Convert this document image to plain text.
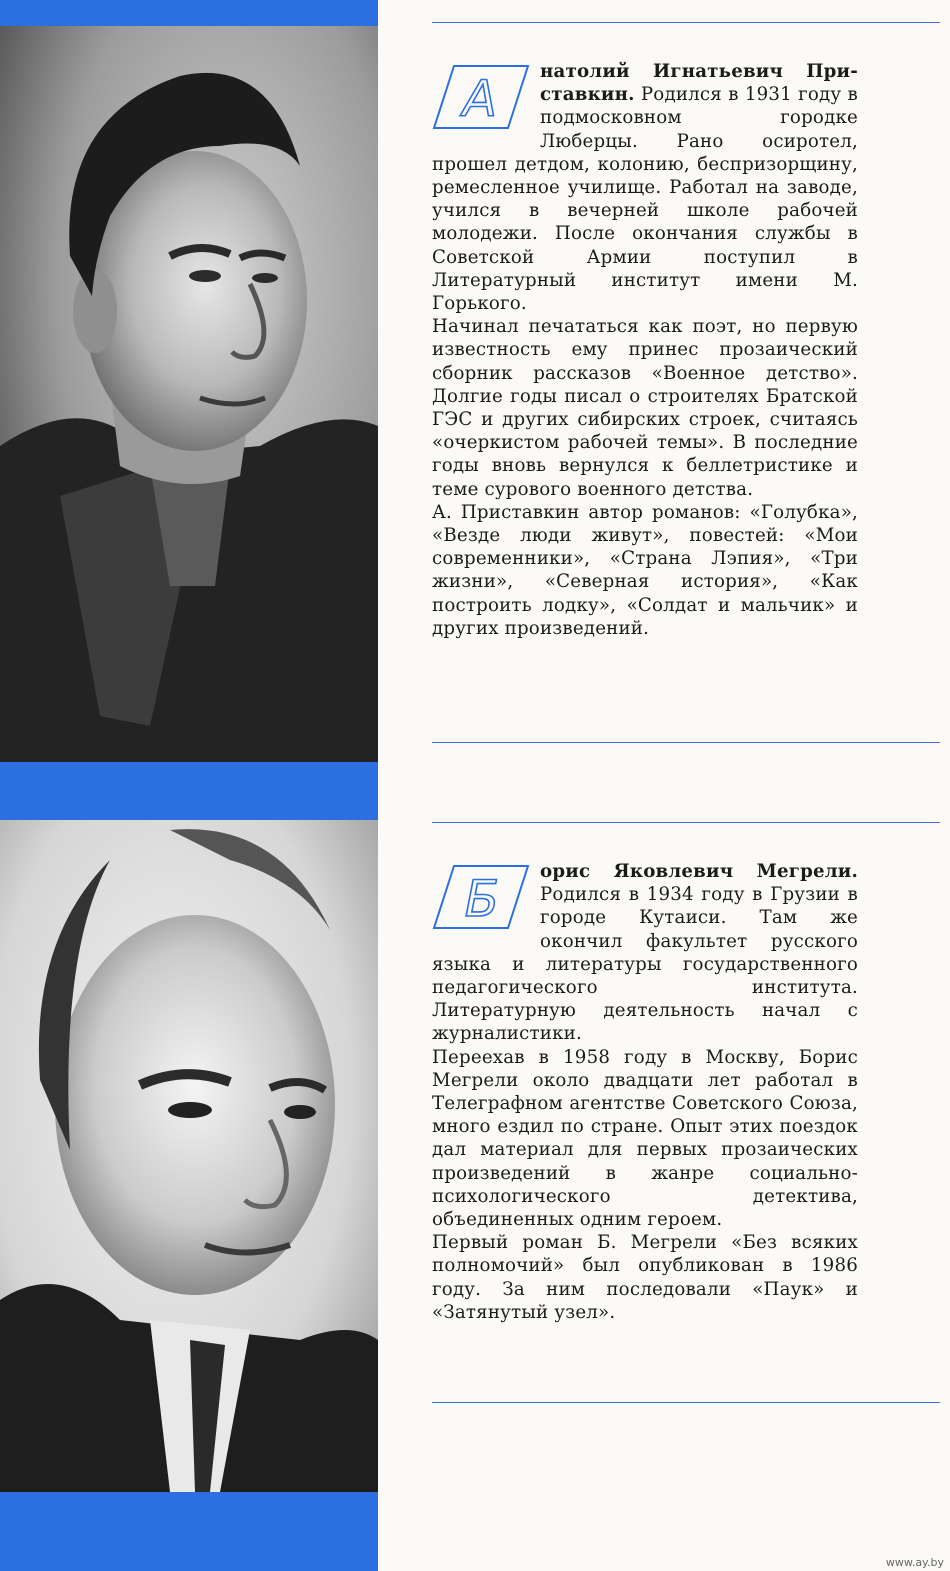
А	натолий Игнатьевич При-ставкин. Родился в 1931 году в подмосковном городке Люберцы. Рано осиротел, прошел детдом, колонию, беспризорщину, ремесленное училище. Работал на заводе, учился в вечерней школе рабочей молодежи. После окончания службы в Советской Армии поступил в Литературный институт имени М. Горького.

Начинал печататься как поэт, но первую известность ему принес прозаический сборник рассказов «Военное детство». Долгие годы писал о строителях Братской ГЭС и других сибирских строек, считаясь «очеркистом рабочей темы». В последние годы вновь вернулся к беллетристике и теме сурового военного детства.

А. Приставкин автор романов: «Голубка», «Везде люди живут», повестей: «Мои современники», «Страна Лэпия», «Три жизни», «Северная история», «Как построить лодку», «Солдат и мальчик» и других произведений.

Б	орис Яковлевич Мегрели. Родился в 1934 году в Грузии в городе Кутаиси. Там же окончил факультет русского языка и литературы государственного педагогического института. Литературную деятельность начал с журналистики.

Переехав в 1958 году в Москву, Борис Мегрели около двадцати лет работал в Телеграфном агентстве Советского Союза, много ездил по стране. Опыт этих поездок дал материал для первых прозаических произведений в жанре социально-психологического детектива, объединенных одним героем.

Первый роман Б. Мегрели «Без всяких полномочий» был опубликован в 1986 году. За ним последовали «Паук» и «Затянутый узел».

www.ay.by
